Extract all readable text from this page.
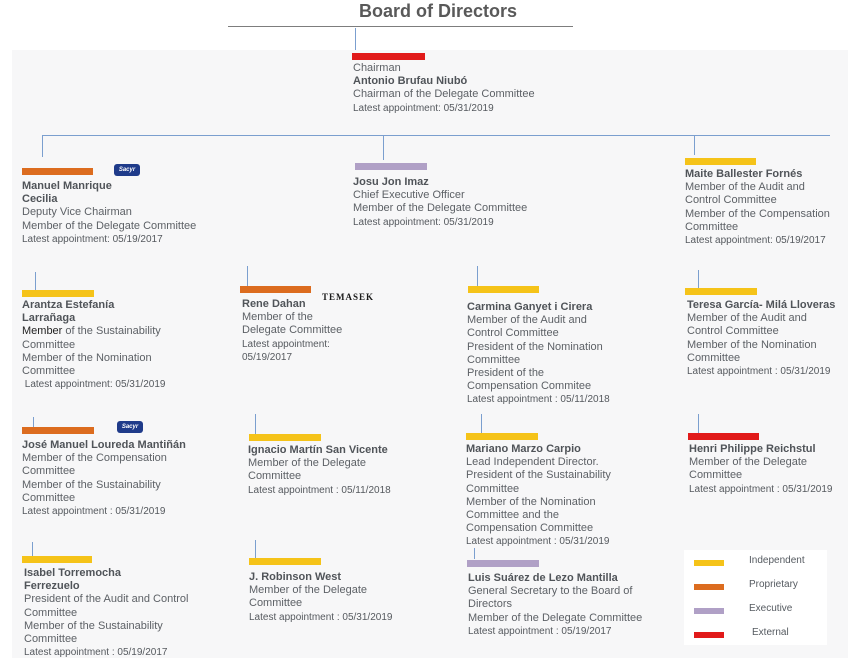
Board of Directors
Sacyr
Sacyr
TEMASEK
Chairman
Antonio Brufau Niubó
Chairman of the Delegate Committee
Latest appointment: 05/31/2019
Manuel Manrique
Cecilia
Deputy Vice Chairman
Member of the Delegate Committee
Latest appointment: 05/19/2017
Josu Jon Imaz
Chief Executive Officer
Member of the Delegate Committee
Latest appointment: 05/31/2019
Maite Ballester Fornés
Member of the Audit and
Control Committee
Member of the Compensation
Committee
Latest appointment: 05/19/2017
Arantza Estefanía
Larrañaga
Member of the Sustainability
Committee
Member of the Nomination
Committee
Latest appointment: 05/31/2019
Rene Dahan
Member of the
Delegate Committee
Latest appointment:
05/19/2017
Carmina Ganyet i Cirera
Member of the Audit and
Control Committee
President of the Nomination
Committee
President of the
Compensation Commitee
Latest appointment : 05/11/2018
Teresa García- Milá Lloveras
Member of the Audit and
Control Committee
Member of the Nomination
Committee
Latest appointment : 05/31/2019
José Manuel Loureda Mantiñán
Member of the Compensation
Committee
Member of the Sustainability
Committee
Latest appointment : 05/31/2019
Ignacio Martín San Vicente
Member of the Delegate
Committee
Latest appointment : 05/11/2018
Mariano Marzo Carpio
Lead Independent Director.
President of the Sustainability
Committee
Member of the Nomination
Committee and the
Compensation Committee
Latest appointment : 05/31/2019
Henri Philippe Reichstul
Member of the Delegate
Committee
Latest appointment : 05/31/2019
Isabel Torremocha
Ferrezuelo
President of the Audit and Control
Committee
Member of the Sustainability
Committee
Latest appointment : 05/19/2017
J. Robinson West
Member of the Delegate
Committee
Latest appointment : 05/31/2019
Luis Suárez de Lezo Mantilla
General Secretary to the Board of
Directors
Member of the Delegate Committee
Latest appointment : 05/19/2017
Independent
Proprietary
Executive
External
